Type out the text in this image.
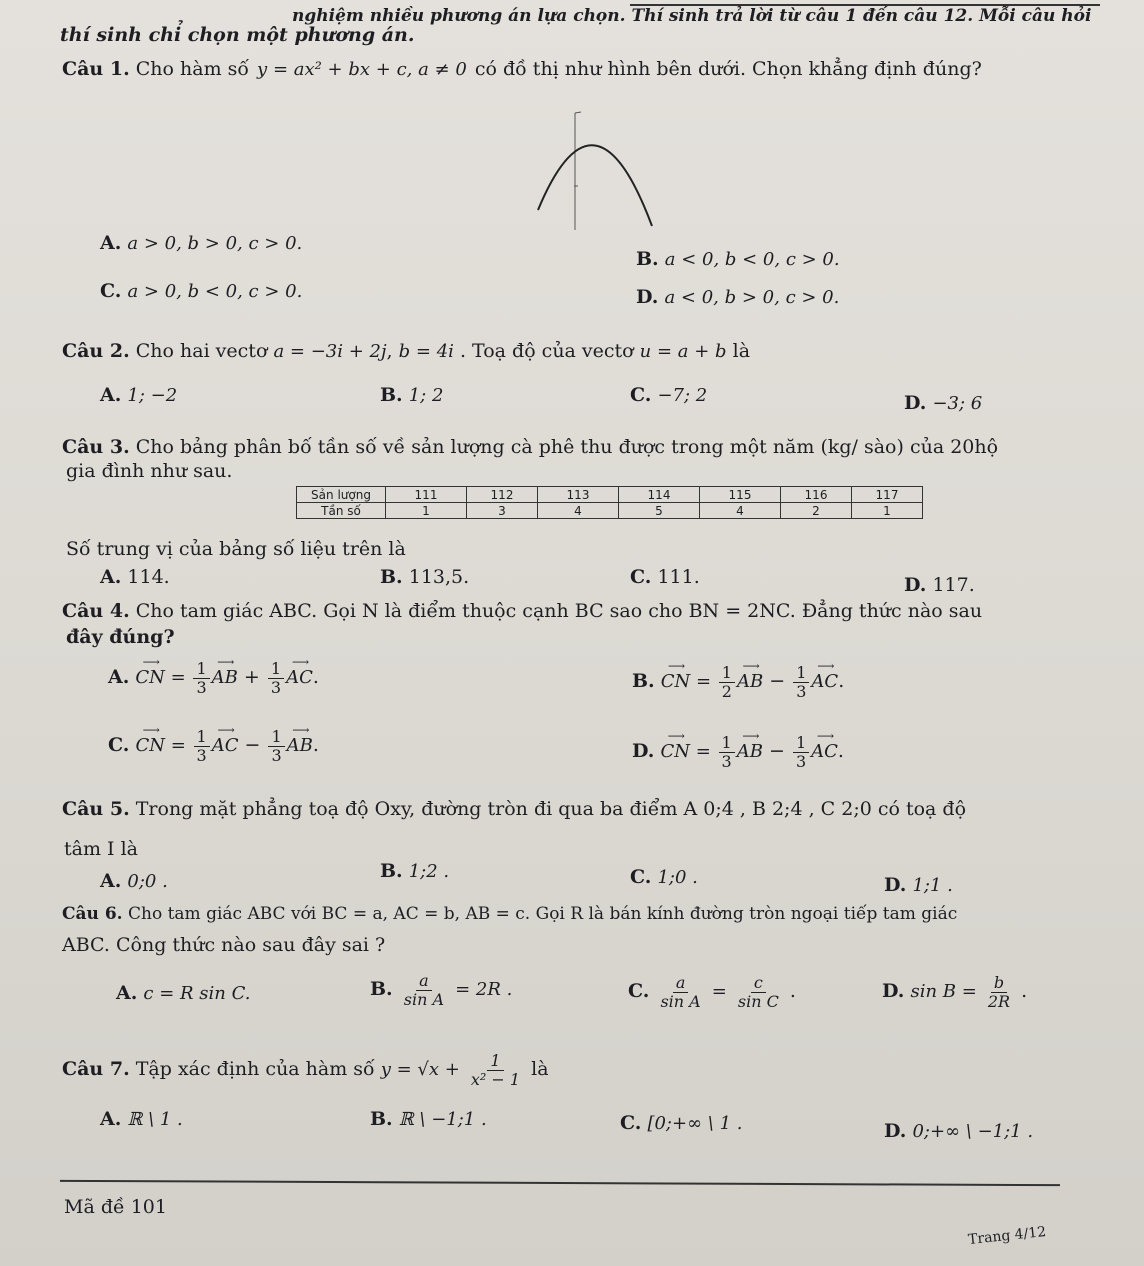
nghiệm nhiều phương án lựa chọn. Thí sinh trả lời từ câu 1 đến câu 12. Mỗi câu hỏi
thí sinh chỉ chọn một phương án.
Câu 1. Cho hàm số y = ax² + bx + c, a ≠ 0 có đồ thị như hình bên dưới. Chọn khẳng định đúng?
A. a > 0, b > 0, c > 0.
B. a < 0, b < 0, c > 0.
C. a > 0, b < 0, c > 0.	D. a < 0, b > 0, c > 0.
Câu 2. Cho hai vectơ a = −3i + 2j, b = 4i . Toạ độ của vectơ u = a + b là
A. 1; −2	B. 1; 2	C. −7; 2	D. −3; 6
Câu 3. Cho bảng phân bố tần số về sản lượng cà phê thu được trong một năm (kg/ sào) của 20hộ
gia đình như sau.
Sản lượng	111	112	113	114	115	116	117
Tần số	1	3	4	5	4	2	1
Số trung vị của bảng số liệu trên là
A. 114.	B. 113,5.	C. 111.	D. 117.
Câu 4. Cho tam giác ABC. Gọi N là điểm thuộc cạnh BC sao cho BN = 2NC. Đẳng thức nào sau
đây đúng?
A. ⟶ CN = $\frac{1}{3}$ ⟶ AB + $\frac{1}{3}$ ⟶ AC.	B. ⟶ CN = $\frac{1}{2}$ ⟶ AB − $\frac{1}{3}$ ⟶ AC.
C. ⟶ CN = $\frac{1}{3}$ ⟶ AC − $\frac{1}{3}$ ⟶ AB.	D. ⟶ CN = $\frac{1}{3}$ ⟶ AB − $\frac{1}{3}$ ⟶ AC.
Câu 5. Trong mặt phẳng toạ độ Oxy, đường tròn đi qua ba điểm A 0;4 , B 2;4 , C 2;0 có toạ độ
tâm I là
A. 0;0 .	B. 1;2 .	C. 1;0 .	D. 1;1 .
Câu 6. Cho tam giác ABC với BC = a, AC = b, AB = c. Gọi R là bán kính đường tròn ngoại tiếp tam giác
ABC. Công thức nào sau đây sai ?
A. c = R sin C.	B. $\frac{a}{\text{sin A}} = 2R$ .	C. $\frac{a}{\text{sin A}} = \frac{c}{\text{sin C}}$ .	D. $\sin B = \frac{b}{2R}$ .
Câu 7. Tập xác định của hàm số $y = √x + \frac{1}{\text{x² − 1}}$ là
A. ℝ \ 1 .	B. ℝ \ −1;1 .	C. [0;+∞ \ 1 .	D. 0;+∞ \ −1;1 .
Mã đề 101
Trang 4/12
